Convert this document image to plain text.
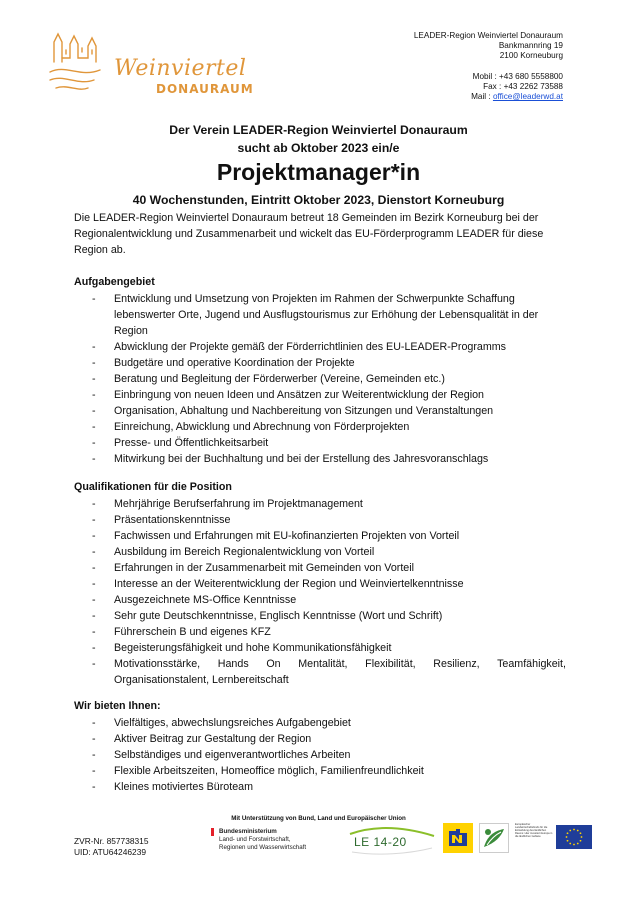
Weinviertel
DONAURAUM
LEADER-Region Weinviertel Donauraum
Bankmannring 19
2100 Korneuburg
Mobil : +43 680 5558800
Fax : +43 2262 73588
Mail : office@leaderwd.at
Der Verein LEADER-Region Weinviertel Donauraum
sucht ab Oktober 2023 ein/e
Projektmanager*in
40 Wochenstunden, Eintritt Oktober 2023, Dienstort Korneuburg
Die LEADER-Region Weinviertel Donauraum betreut 18 Gemeinden im Bezirk Korneuburg bei der Regionalentwicklung und Zusammenarbeit und wickelt das EU-Förderprogramm LEADER für diese Region ab.
Aufgabengebiet
- Entwicklung und Umsetzung von Projekten im Rahmen der Schwerpunkte Schaffung lebenswerter Orte, Jugend und Ausflugstourismus zur Erhöhung der Lebensqualität in der Region
- Abwicklung der Projekte gemäß der Förderrichtlinien des EU-LEADER-Programms
- Budgetäre und operative Koordination der Projekte
- Beratung und Begleitung der Förderwerber (Vereine, Gemeinden etc.)
- Einbringung von neuen Ideen und Ansätzen zur Weiterentwicklung der Region
- Organisation, Abhaltung und Nachbereitung von Sitzungen und Veranstaltungen
- Einreichung, Abwicklung und Abrechnung von Förderprojekten
- Presse- und Öffentlichkeitsarbeit
- Mitwirkung bei der Buchhaltung und bei der Erstellung des Jahresvoranschlags
Qualifikationen für die Position
- Mehrjährige Berufserfahrung im Projektmanagement
- Präsentationskenntnisse
- Fachwissen und Erfahrungen mit EU-kofinanzierten Projekten von Vorteil
- Ausbildung im Bereich Regionalentwicklung von Vorteil
- Erfahrungen in der Zusammenarbeit mit Gemeinden von Vorteil
- Interesse an der Weiterentwicklung der Region und Weinviertelkenntnisse
- Ausgezeichnete MS-Office Kenntnisse
- Sehr gute Deutschkenntnisse, Englisch Kenntnisse (Wort und Schrift)
- Führerschein B und eigenes KFZ
- Begeisterungsfähigkeit und hohe Kommunikationsfähigkeit
- Motivationsstärke, Hands On Mentalität, Flexibilität, Resilienz, Teamfähigkeit, Organisationstalent, Lernbereitschaft
Wir bieten Ihnen:
- Vielfältiges, abwechslungsreiches Aufgabengebiet
- Aktiver Beitrag zur Gestaltung der Region
- Selbständiges und eigenverantwortliches Arbeiten
- Flexible Arbeitszeiten, Homeoffice möglich, Familienfreundlichkeit
- Kleines motiviertes Büroteam
Mit Unterstützung von Bund, Land und Europäischer Union
ZVR-Nr. 857738315
UID: ATU64246239
Bundesministerium
Land- und Forstwirtschaft,
Regionen und Wasserwirtschaft	LE 14-20
Europäischer Landwirtschaftsfonds für die Entwicklung des ländlichen Raums: Hier investiert Europa in die ländlichen Gebiete
